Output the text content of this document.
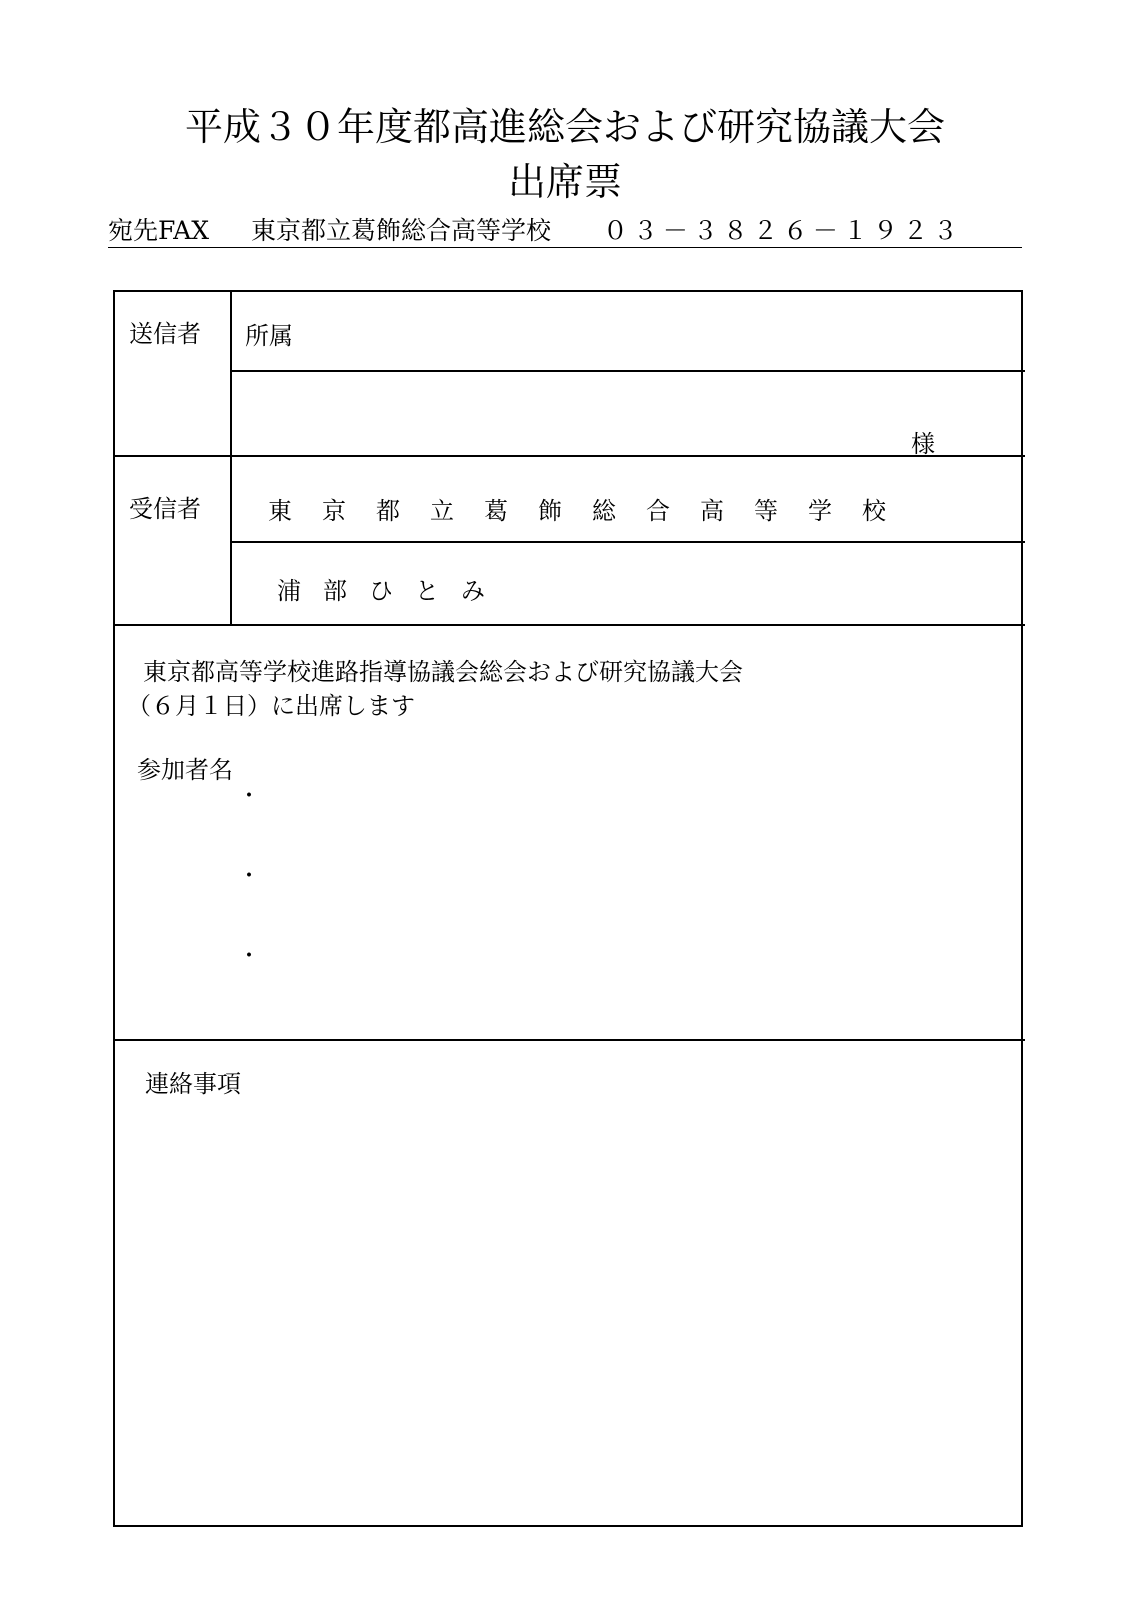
平成３０年度都高進総会および研究協議大会
出席票
宛先FAX 東京都立葛飾総合高等学校 ０３－３８２６－１９２３
送信者 所属
様
受信者	東京都立葛飾総合高等学校
浦部ひとみ
東京都高等学校進路指導協議会総会および研究協議大会
（６月１日）に出席します
参加者名
・
・
・
連絡事項
